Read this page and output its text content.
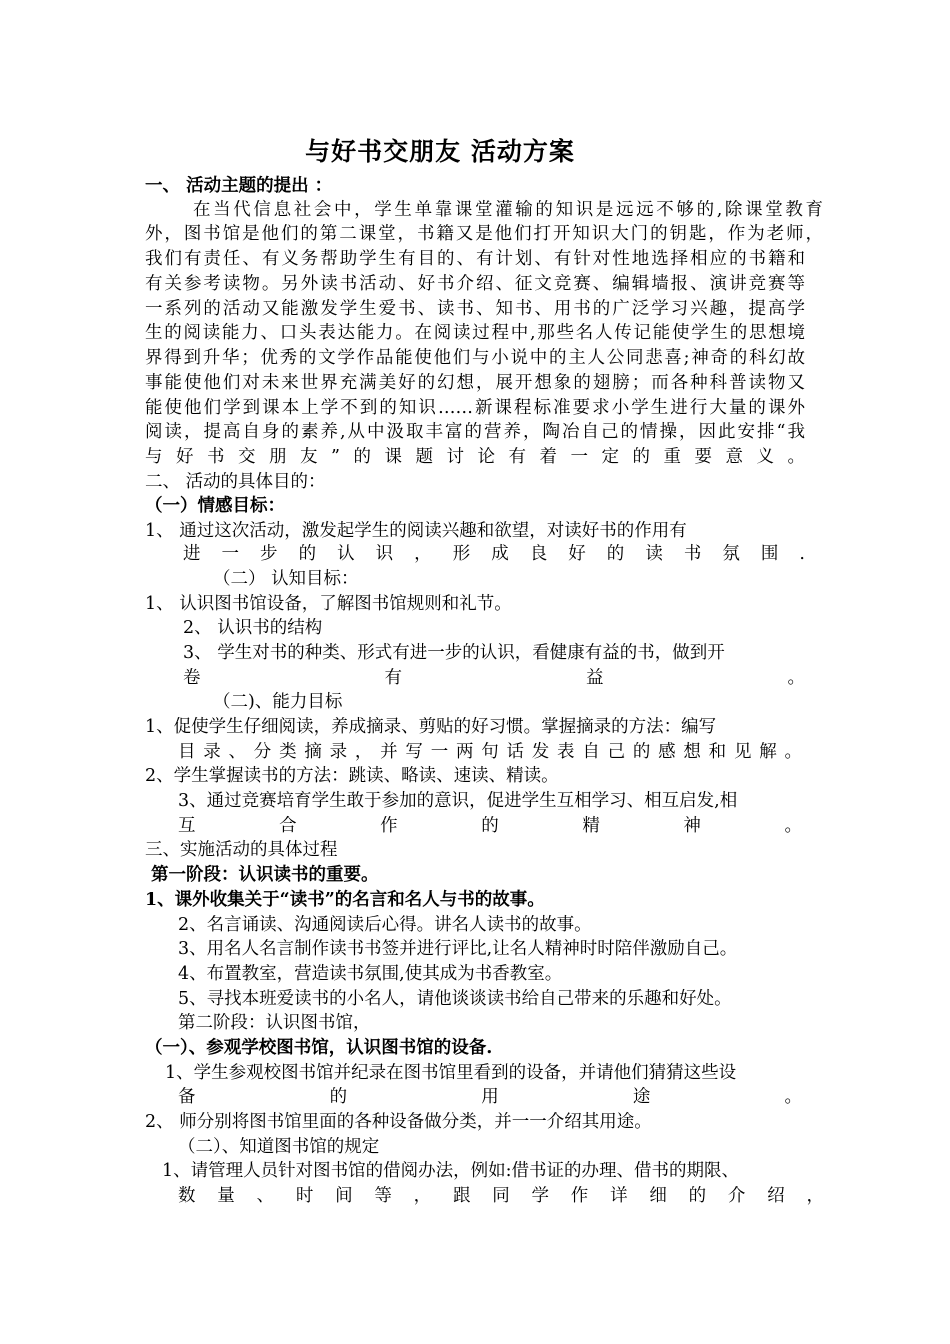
与好书交朋友 活动方案
一、 活动主题的提出 ：
在当代信息社会中，学生单靠课堂灌输的知识是远远不够的,除课堂教育
外，图书馆是他们的第二课堂，书籍又是他们打开知识大门的钥匙，作为老师，
我们有责任、有义务帮助学生有目的、有计划、有针对性地选择相应的书籍和
有关参考读物。另外读书活动、好书介绍、征文竞赛、编辑墙报、演讲竞赛等
一系列的活动又能激发学生爱书、读书、知书、用书的广泛学习兴趣，提高学
生的阅读能力、口头表达能力。在阅读过程中,那些名人传记能使学生的思想境
界得到升华；优秀的文学作品能使他们与小说中的主人公同悲喜;神奇的科幻故
事能使他们对未来世界充满美好的幻想，展开想象的翅膀；而各种科普读物又
能使他们学到课本上学不到的知识……新课程标准要求小学生进行大量的课外
阅读，提高自身的素养,从中汲取丰富的营养，陶冶自己的情操，因此安排“我
与好书交朋友”的课题讨论有着一定的重要意义。
二、 活动的具体目的：
（一）情感目标：
1、 通过这次活动，激发起学生的阅读兴趣和欲望，对读好书的作用有
进一步的认识，形成良好的读书氛围.
（二） 认知目标：
1、 认识图书馆设备，了解图书馆规则和礼节。
2、 认识书的结构
3、 学生对书的种类、形式有进一步的认识，看健康有益的书，做到开
卷有益。
（二)、能力目标
1、促使学生仔细阅读，养成摘录、剪贴的好习惯。掌握摘录的方法：编写
目录、分类摘录，并写一两句话发表自己的感想和见解。
2、学生掌握读书的方法：跳读、略读、速读、精读。
3、通过竞赛培育学生敢于参加的意识，促进学生互相学习、相互启发,相
互合作的精神。
三、实施活动的具体过程
第一阶段：认识读书的重要。
1、课外收集关于“读书”的名言和名人与书的故事。
2、名言诵读、沟通阅读后心得。讲名人读书的故事。
3、用名人名言制作读书书签并进行评比,让名人精神时时陪伴激励自己。
4、布置教室，营造读书氛围,使其成为书香教室。
5、寻找本班爱读书的小名人，请他谈谈读书给自己带来的乐趣和好处。
第二阶段：认识图书馆，
（一）、参观学校图书馆，认识图书馆的设备.
1、学生参观校图书馆并纪录在图书馆里看到的设备，并请他们猜猜这些设
备的用途。
2、 师分别将图书馆里面的各种设备做分类，并一一介绍其用途。
（二）、知道图书馆的规定
1、请管理人员针对图书馆的借阅办法，例如:借书证的办理、借书的期限、
数量、时间等，跟同学作详细的介绍，
